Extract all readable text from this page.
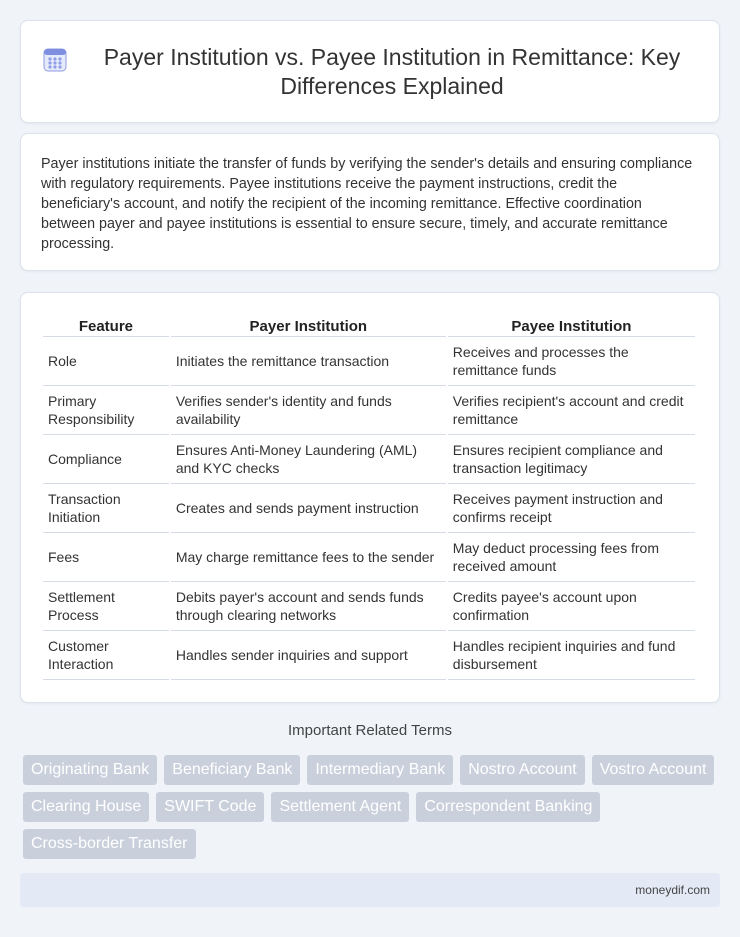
Payer Institution vs. Payee Institution in Remittance: Key Differences Explained

Payer institutions initiate the transfer of funds by verifying the sender's details and ensuring compliance with regulatory requirements. Payee institutions receive the payment instructions, credit the beneficiary's account, and notify the recipient of the incoming remittance. Effective coordination between payer and payee institutions is essential to ensure secure, timely, and accurate remittance processing.

Feature	Payer Institution	Payee Institution
Role	Initiates the remittance transaction	Receives and processes the remittance funds
Primary Responsibility	Verifies sender's identity and funds availability	Verifies recipient's account and credit remittance
Compliance	Ensures Anti-Money Laundering (AML) and KYC checks	Ensures recipient compliance and transaction legitimacy
Transaction Initiation	Creates and sends payment instruction	Receives payment instruction and confirms receipt
Fees	May charge remittance fees to the sender	May deduct processing fees from received amount
Settlement Process	Debits payer's account and sends funds through clearing networks	Credits payee's account upon confirmation
Customer Interaction	Handles sender inquiries and support	Handles recipient inquiries and fund disbursement
Important Related Terms
Originating Bank	Beneficiary Bank	Intermediary Bank	Nostro Account	Vostro Account
Clearing House	SWIFT Code	Settlement Agent	Correspondent Banking
Cross-border Transfer
moneydif.com
